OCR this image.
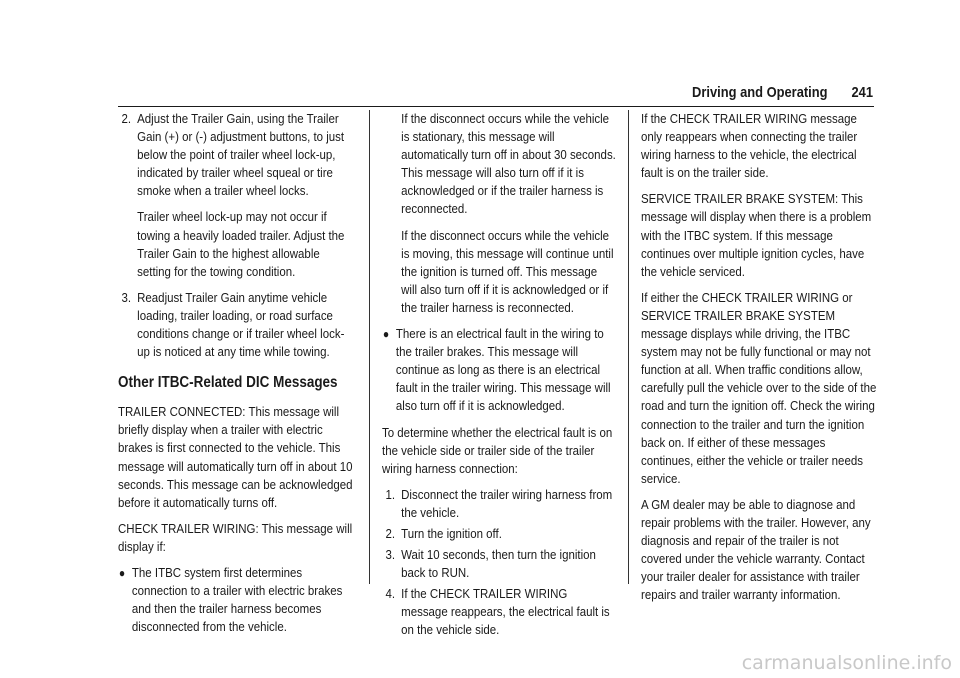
Driving and Operating 241
2. Adjust the Trailer Gain, using the Trailer Gain (+) or (-) adjustment buttons, to just below the point of trailer wheel lock-up, indicated by trailer wheel squeal or tire smoke when a trailer wheel locks.
Trailer wheel lock-up may not occur if towing a heavily loaded trailer. Adjust the Trailer Gain to the highest allowable setting for the towing condition.
3. Readjust Trailer Gain anytime vehicle loading, trailer loading, or road surface conditions change or if trailer wheel lock-up is noticed at any time while towing.
Other ITBC-Related DIC Messages

TRAILER CONNECTED: This message will briefly display when a trailer with electric brakes is first connected to the vehicle. This message will automatically turn off in about 10 seconds. This message can be acknowledged before it automatically turns off.

CHECK TRAILER WIRING: This message will display if:

● The ITBC system first determines connection to a trailer with electric brakes and then the trailer harness becomes disconnected from the vehicle.
If the disconnect occurs while the vehicle is stationary, this message will automatically turn off in about 30 seconds. This message will also turn off if it is acknowledged or if the trailer harness is reconnected.
If the disconnect occurs while the vehicle is moving, this message will continue until the ignition is turned off. This message will also turn off if it is acknowledged or if the trailer harness is reconnected.
● There is an electrical fault in the wiring to the trailer brakes. This message will continue as long as there is an electrical fault in the trailer wiring. This message will also turn off if it is acknowledged.

To determine whether the electrical fault is on the vehicle side or trailer side of the trailer wiring harness connection:

1. Disconnect the trailer wiring harness from the vehicle.
2. Turn the ignition off.
3. Wait 10 seconds, then turn the ignition back to RUN.
4. If the CHECK TRAILER WIRING message reappears, the electrical fault is on the vehicle side.

If the CHECK TRAILER WIRING message only reappears when connecting the trailer wiring harness to the vehicle, the electrical fault is on the trailer side.

SERVICE TRAILER BRAKE SYSTEM: This message will display when there is a problem with the ITBC system. If this message continues over multiple ignition cycles, have the vehicle serviced.

If either the CHECK TRAILER WIRING or SERVICE TRAILER BRAKE SYSTEM message displays while driving, the ITBC system may not be fully functional or may not function at all. When traffic conditions allow, carefully pull the vehicle over to the side of the road and turn the ignition off. Check the wiring connection to the trailer and turn the ignition back on. If either of these messages continues, either the vehicle or trailer needs service.

A GM dealer may be able to diagnose and repair problems with the trailer. However, any diagnosis and repair of the trailer is not covered under the vehicle warranty. Contact your trailer dealer for assistance with trailer repairs and trailer warranty information.

carmanualsonline.info
